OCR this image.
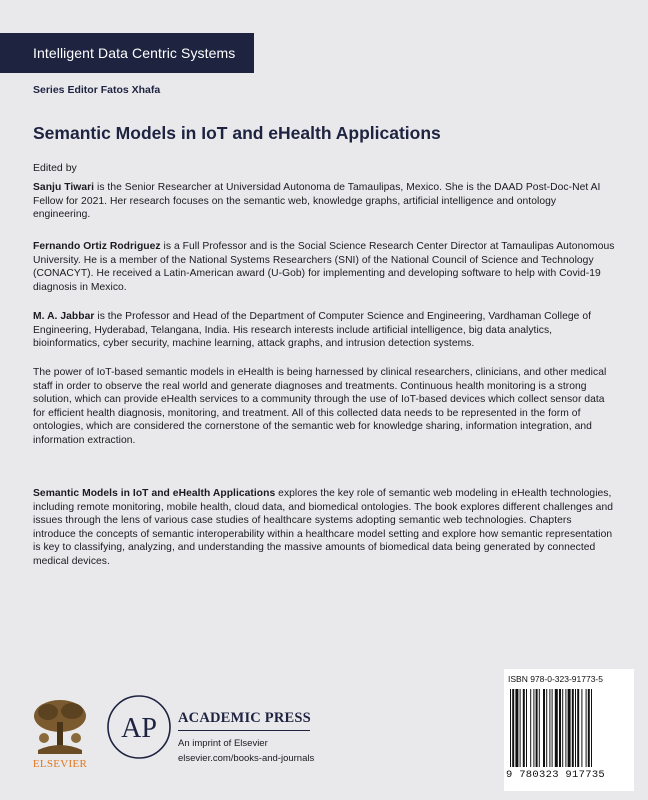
Intelligent Data Centric Systems
Series Editor Fatos Xhafa
Semantic Models in IoT and eHealth Applications
Edited by

Sanju Tiwari is the Senior Researcher at Universidad Autonoma de Tamaulipas, Mexico. She is the DAAD Post-Doc-Net AI Fellow for 2021. Her research focuses on the semantic web, knowledge graphs, artificial intelligence and ontology engineering.

Fernando Ortiz Rodriguez is a Full Professor and is the Social Science Research Center Director at Tamaulipas Autonomous University. He is a member of the National Systems Researchers (SNI) of the National Council of Science and Technology (CONACYT). He received a Latin-American award (U-Gob) for implementing and developing software to help with Covid-19 diagnosis in Mexico.

M. A. Jabbar is the Professor and Head of the Department of Computer Science and Engineering, Vardhaman College of Engineering, Hyderabad, Telangana, India. His research interests include artificial intelligence, big data analytics, bioinformatics, cyber security, machine learning, attack graphs, and intrusion detection systems.

The power of IoT-based semantic models in eHealth is being harnessed by clinical researchers, clinicians, and other medical staff in order to observe the real world and generate diagnoses and treatments. Continuous health monitoring is a strong solution, which can provide eHealth services to a community through the use of IoT-based devices which collect sensor data for efficient health diagnosis, monitoring, and treatment. All of this collected data needs to be represented in the form of ontologies, which are considered the cornerstone of the semantic web for knowledge sharing, information integration, and information extraction.

Semantic Models in IoT and eHealth Applications explores the key role of semantic web modeling in eHealth technologies, including remote monitoring, mobile health, cloud data, and biomedical ontologies. The book explores different challenges and issues through the lens of various case studies of healthcare systems adopting semantic web technologies. Chapters introduce the concepts of semantic interoperability within a healthcare model setting and explore how semantic representation is key to classifying, analyzing, and understanding the massive amounts of biomedical data being generated by connected medical devices.

ELSEVIER
AP ACADEMIC PRESS
An imprint of Elsevier
elsevier.com/books-and-journals
ISBN 978-0-323-91773-5
9 780323 917735
